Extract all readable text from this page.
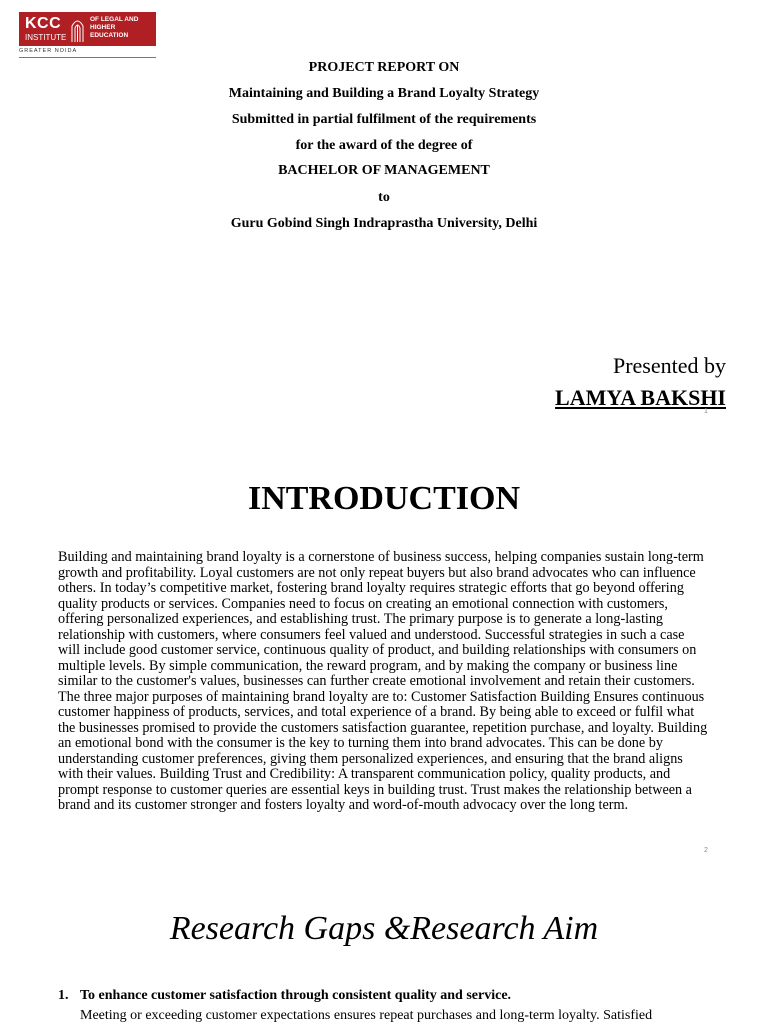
KCC
INSTITUTE
OF LEGAL AND
HIGHER
EDUCATION
GREATER NOIDA
PROJECT REPORT ON
Maintaining and Building a Brand Loyalty Strategy
Submitted in partial fulfilment of the requirements
for the award of the degree of
BACHELOR OF MANAGEMENT
to
Guru Gobind Singh Indraprastha University, Delhi
Presented by
LAMYA BAKSHI
1
INTRODUCTION
Building and maintaining brand loyalty is a cornerstone of business success, helping companies sustain long-term growth and profitability. Loyal customers are not only repeat buyers but also brand advocates who can influence others. In today’s competitive market, fostering brand loyalty requires strategic efforts that go beyond offering quality products or services. Companies need to focus on creating an emotional connection with customers, offering personalized experiences, and establishing trust. The primary purpose is to generate a long-lasting relationship with customers, where consumers feel valued and understood. Successful strategies in such a case will include good customer service, continuous quality of product, and building relationships with consumers on multiple levels. By simple communication, the reward program, and by making the company or business line similar to the customer's values, businesses can further create emotional involvement and retain their customers. The three major purposes of maintaining brand loyalty are to: Customer Satisfaction Building Ensures continuous customer happiness of products, services, and total experience of a brand. By being able to exceed or fulfil what the businesses promised to provide the customers satisfaction guarantee, repetition purchase, and loyalty. Building an emotional bond with the consumer is the key to turning them into brand advocates. This can be done by understanding customer preferences, giving them personalized experiences, and ensuring that the brand aligns with their values. Building Trust and Credibility: A transparent communication policy, quality products, and prompt response to customer queries are essential keys in building trust. Trust makes the relationship between a brand and its customer stronger and fosters loyalty and word-of-mouth advocacy over the long term.
2
Research Gaps &Research Aim
1. To enhance customer satisfaction through consistent quality and service.
Meeting or exceeding customer expectations ensures repeat purchases and long-term loyalty. Satisfied
